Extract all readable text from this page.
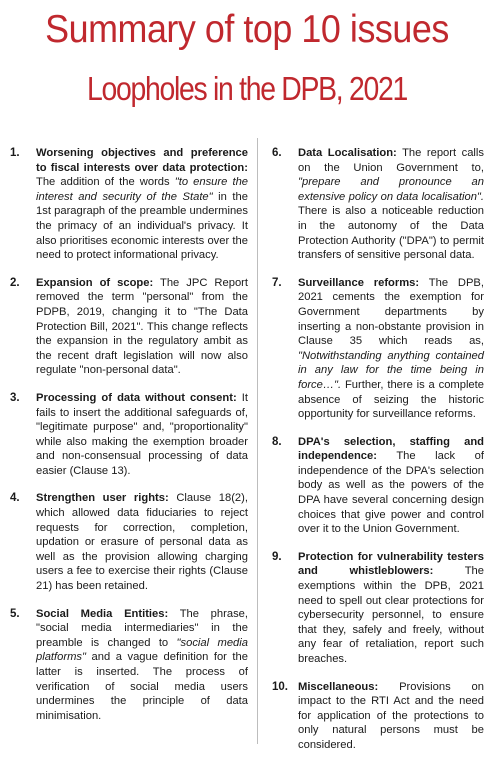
Summary of top 10 issues
Loopholes in the DPB, 2021
1. Worsening objectives and preference to fiscal interests over data protection: The addition of the words "to ensure the interest and security of the State" in the 1st paragraph of the preamble undermines the primacy of an individual's privacy. It also prioritises economic interests over the need to protect informational privacy.

2. Expansion of scope: The JPC Report removed the term "personal" from the PDPB, 2019, changing it to "The Data Protection Bill, 2021". This change reflects the expansion in the regulatory ambit as the recent draft legislation will now also regulate "non-personal data".

3. Processing of data without consent: It fails to insert the additional safeguards of, "legitimate purpose" and, "proportionality" while also making the exemption broader and non-consensual processing of data easier (Clause 13).

4. Strengthen user rights: Clause 18(2), which allowed data fiduciaries to reject requests for correction, completion, updation or erasure of personal data as well as the provision allowing charging users a fee to exercise their rights (Clause 21) has been retained.

5. Social Media Entities: The phrase, "social media intermediaries" in the preamble is changed to "social media platforms" and a vague definition for the latter is inserted. The process of verification of social media users undermines the principle of data minimisation.

6. Data Localisation: The report calls on the Union Government to, "prepare and pronounce an extensive policy on data localisation". There is also a noticeable reduction in the autonomy of the Data Protection Authority ("DPA") to permit transfers of sensitive personal data.

7. Surveillance reforms: The DPB, 2021 cements the exemption for Government departments by inserting a non-obstante provision in Clause 35 which reads as, "Notwithstanding anything contained in any law for the time being in force…". Further, there is a complete absence of seizing the historic opportunity for surveillance reforms.

8. DPA's selection, staffing and independence: The lack of independence of the DPA's selection body as well as the powers of the DPA have several concerning design choices that give power and control over it to the Union Government.

9. Protection for vulnerability testers and whistleblowers: The exemptions within the DPB, 2021 need to spell out clear protections for cybersecurity personnel, to ensure that they, safely and freely, without any fear of retaliation, report such breaches.

10. Miscellaneous: Provisions on impact to the RTI Act and the need for application of the protections to only natural persons must be considered.
